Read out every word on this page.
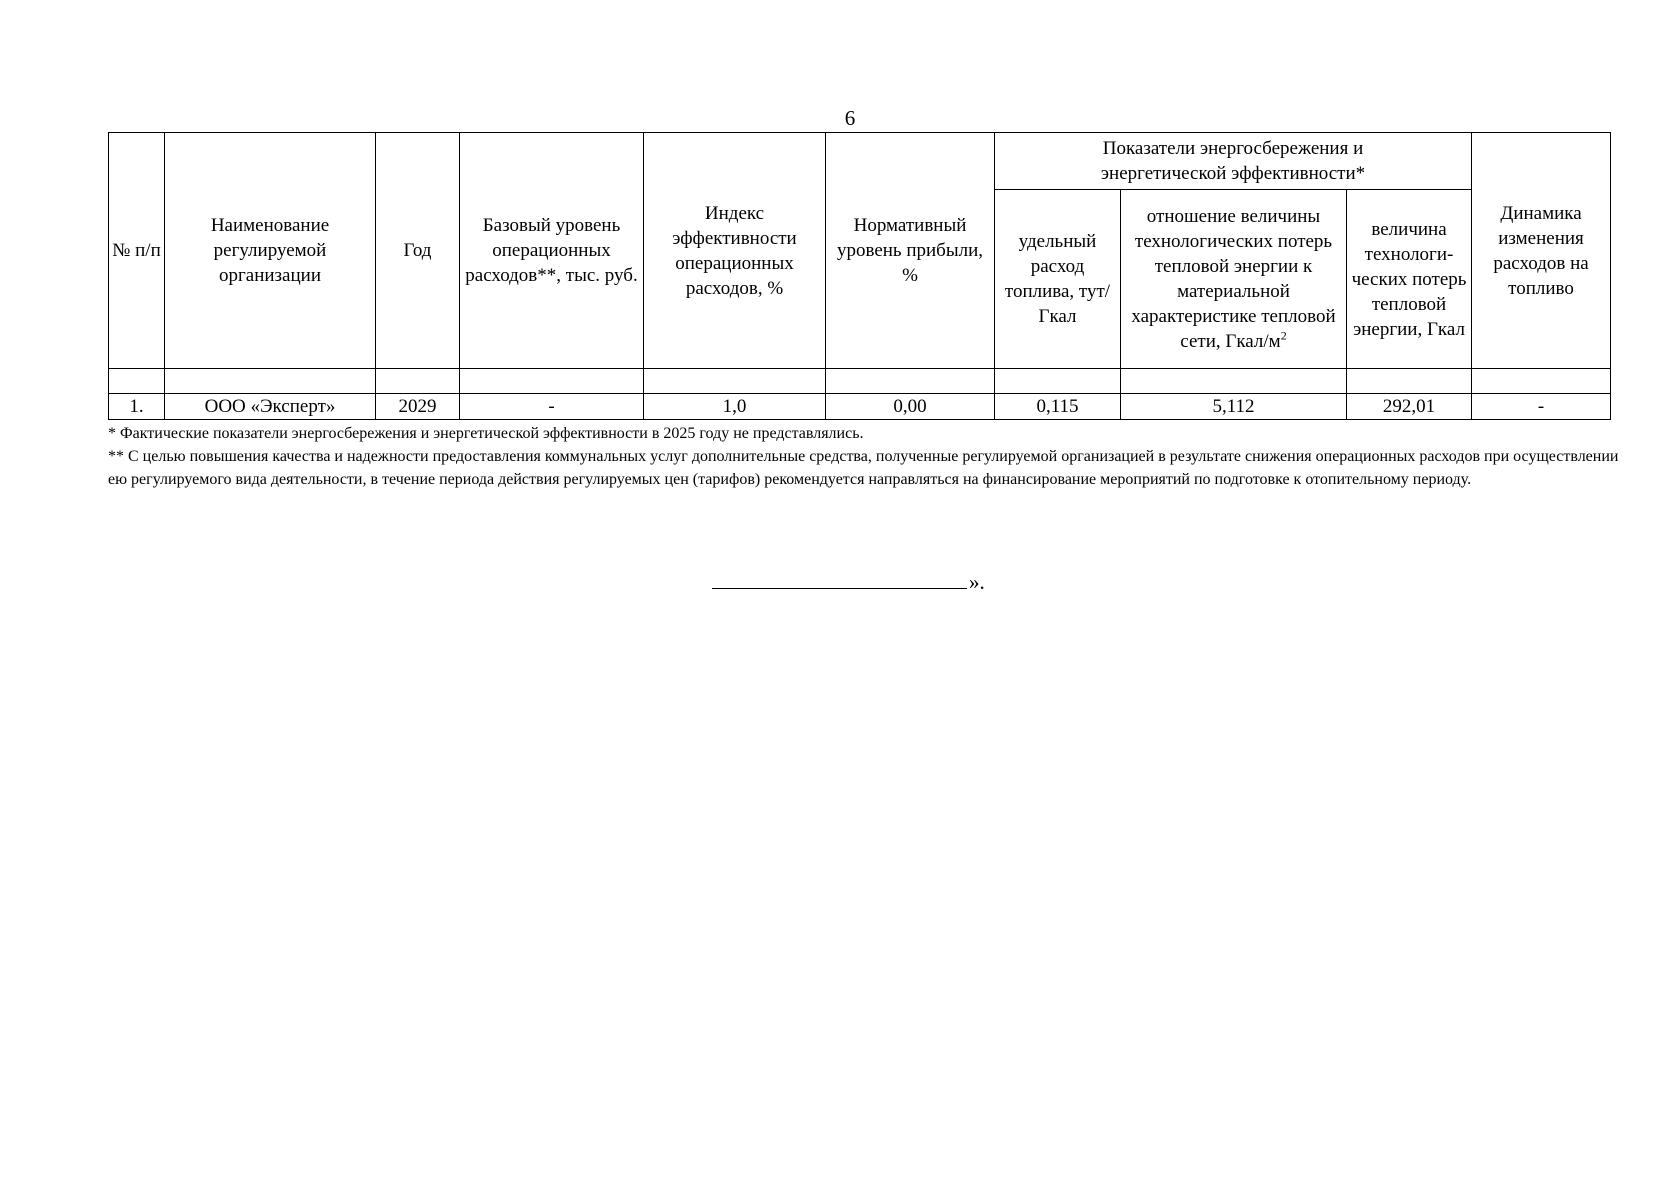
6
№ п/п	Наименование регулируемой организации	Год	Базовый уровень операционных расходов**, тыс. руб.	Индекс эффективности операционных расходов, %	Нормативный уровень прибыли, %	Показатели энергосбережения и энергетической эффективности*			Динамика изменения расходов на топливо
						удельный расход топлива, тут/Гкал	отношение величины технологических потерь тепловой энергии к материальной характеристике тепловой сети, Гкал/$м^2$	величина технологи-ческих потерь тепловой энергии, Гкал	

1.	ООО «Эксперт»	2029	-	1,0	0,00	0,115	5,112	292,01	-

* Фактические показатели энергосбережения и энергетической эффективности в 2025 году не представлялись.

** С целью повышения качества и надежности предоставления коммунальных услуг дополнительные средства, полученные регулируемой организацией в результате снижения операционных расходов при осуществлении ею регулируемого вида деятельности, в течение периода действия регулируемых цен (тарифов) рекомендуется направляться на финансирование мероприятий по подготовке к отопительному периоду.

».
